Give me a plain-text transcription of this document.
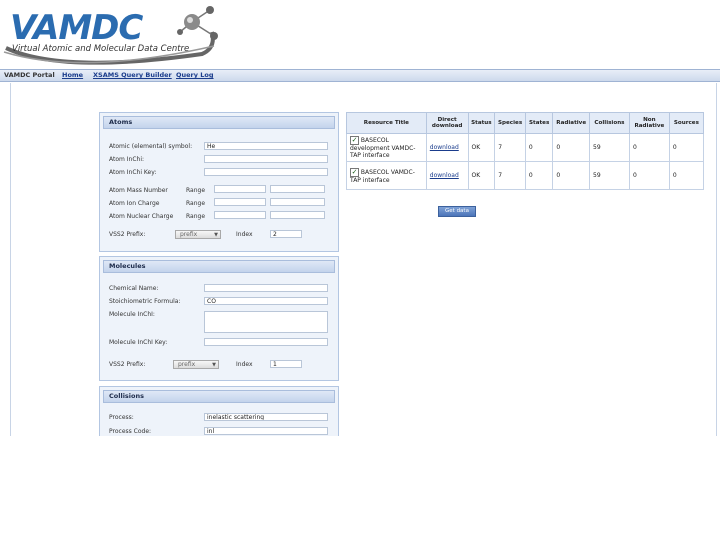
VAMDC
Virtual Atomic and Molecular Data Centre
VAMDC Portal Home XSAMS Query Builder Query Log
Atoms
Atomic (elemental) symbol:	He
Atom InChi:
Atom InChi Key:
Atom Mass Number	Range
Atom Ion Charge	Range
Atom Nuclear Charge Range
VSS2 Prefix:	prefix	▼	Index	2
Molecules
Chemical Name:
Stoichiometric Formula:	CO
Molecule InChI:
Molecule InChI Key:
VSS2 Prefix:	prefix	▼	Index	1
Collisions
Process:	inelastic scattering
Process Code:	inl
Resource Title	Direct download	Status	Species	States	Radiative	Collisions	Non Radiative	Sources
✓ BASECOL development VAMDC-TAP interface	download	OK	7	0	0	59	0	0
✓ BASECOL VAMDC-TAP interface	download	OK	7	0	0	59	0	0
Get data
